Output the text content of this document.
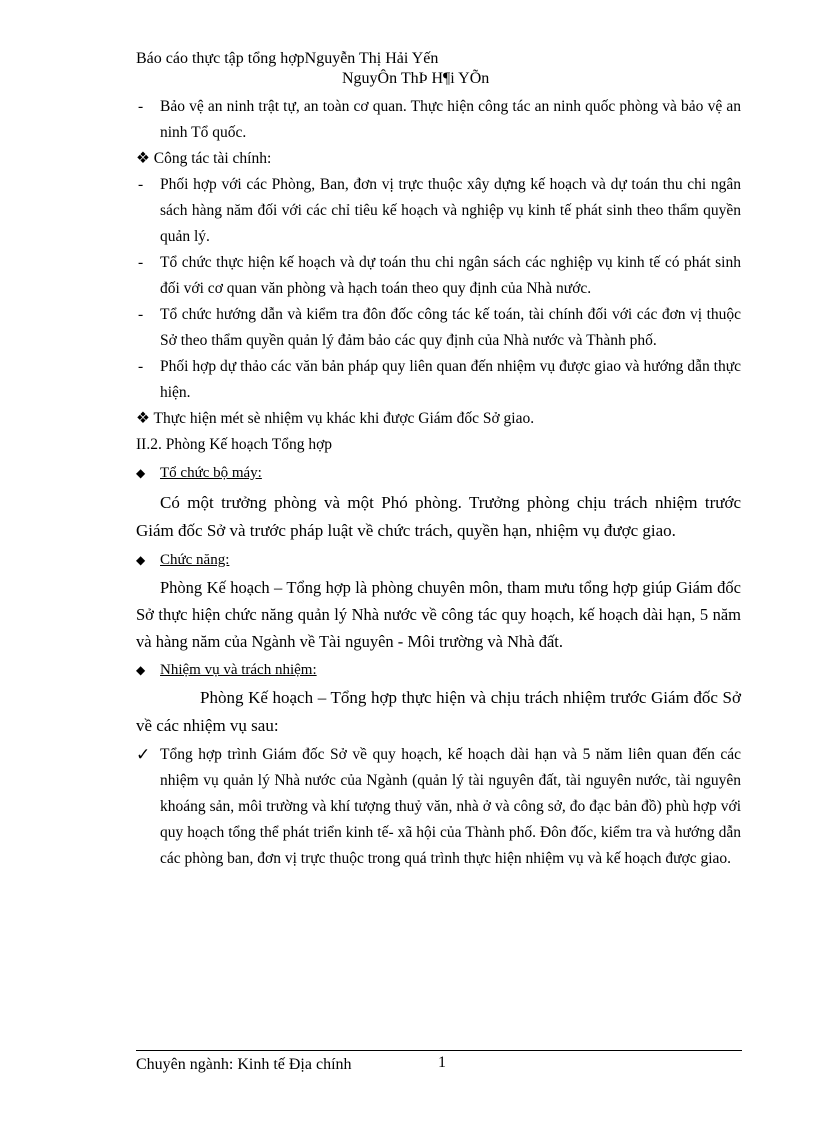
Báo cáo thực tập tổng hợpNguyễn Thị Hải Yến
NguyÔn ThÞ H¶i YÕn

- Bảo vệ an ninh trật tự, an toàn cơ quan. Thực hiện công tác an ninh quốc phòng và bảo vệ an ninh Tổ quốc.

❖ Công tác tài chính:

- Phối hợp với các Phòng, Ban, đơn vị trực thuộc xây dựng kế hoạch và dự toán thu chi ngân sách hàng năm đối với các chỉ tiêu kế hoạch và nghiệp vụ kinh tế phát sinh theo thẩm quyền quản lý.

- Tổ chức thực hiện kế hoạch và dự toán thu chi ngân sách các nghiệp vụ kinh tế có phát sinh đối với cơ quan văn phòng và hạch toán theo quy định của Nhà nước.

- Tổ chức hướng dẫn và kiểm tra đôn đốc công tác kế toán, tài chính đối với các đơn vị thuộc Sở theo thẩm quyền quản lý đảm bảo các quy định của Nhà nước và Thành phố.

- Phối hợp dự thảo các văn bản pháp quy liên quan đến nhiệm vụ được giao và hướng dẫn thực hiện.

❖ Thực hiện mét sè nhiệm vụ khác khi được Giám đốc Sở giao.

II.2. Phòng Kế hoạch Tổng hợp

◆ Tổ chức bộ máy:

Có một trưởng phòng và một Phó phòng. Trưởng phòng chịu trách nhiệm trước Giám đốc Sở và trước pháp luật về chức trách, quyền hạn, nhiệm vụ được giao.

◆ Chức năng:

Phòng Kế hoạch – Tổng hợp là phòng chuyên môn, tham mưu tổng hợp giúp Giám đốc Sở thực hiện chức năng quản lý Nhà nước về công tác quy hoạch, kế hoạch dài hạn, 5 năm và hàng năm của Ngành về Tài nguyên - Môi trường và Nhà đất.

◆ Nhiệm vụ và trách nhiệm:

Phòng Kế hoạch – Tổng hợp thực hiện và chịu trách nhiệm trước Giám đốc Sở về các nhiệm vụ sau:

✓ Tổng hợp trình Giám đốc Sở về quy hoạch, kế hoạch dài hạn và 5 năm liên quan đến các nhiệm vụ quản lý Nhà nước của Ngành (quản lý tài nguyên đất, tài nguyên nước, tài nguyên khoáng sản, môi trường và khí tượng thuỷ văn, nhà ở và công sở, đo đạc bản đồ) phù hợp với quy hoạch tổng thể phát triển kinh tế- xã hội của Thành phố. Đôn đốc, kiểm tra và hướng dẫn các phòng ban, đơn vị trực thuộc trong quá trình thực hiện nhiệm vụ và kế hoạch được giao.

Chuyên ngành: Kinh tế Địa chính	1
